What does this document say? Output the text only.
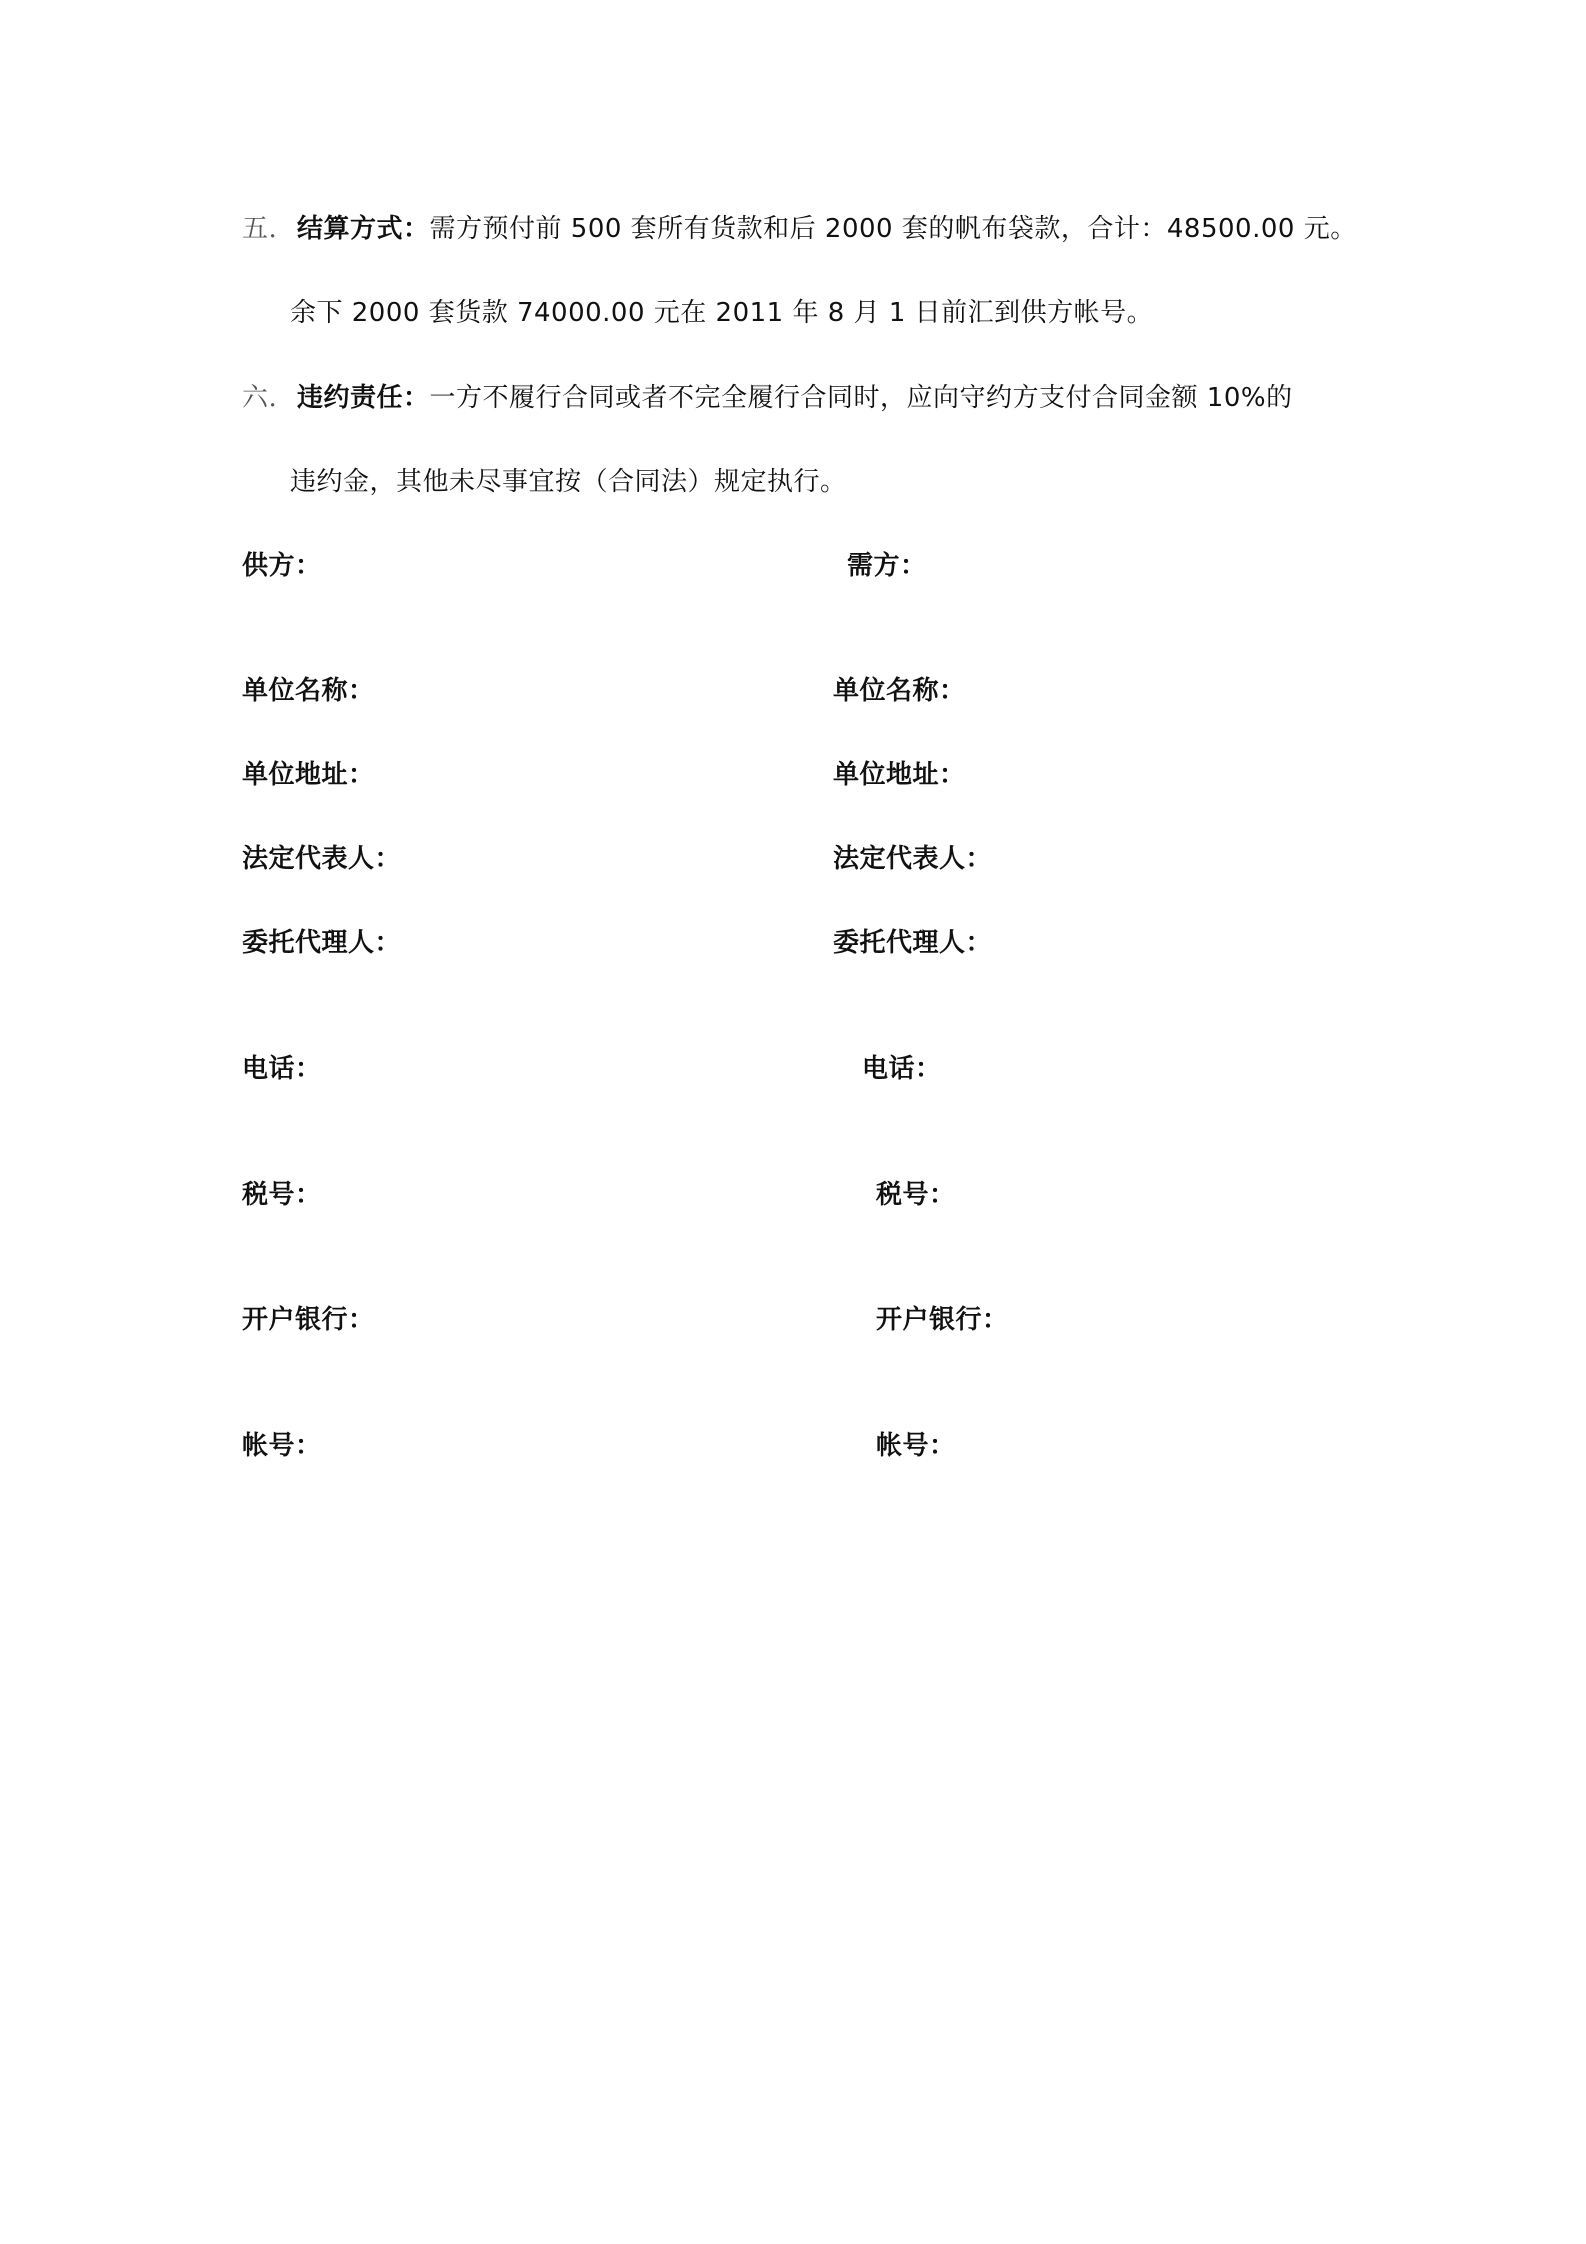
五. 结算方式：需方预付前 500 套所有货款和后 2000 套的帆布袋款，合计：48500.00 元。
余下 2000 套货款 74000.00 元在 2011 年 8 月 1 日前汇到供方帐号。
六. 违约责任：一方不履行合同或者不完全履行合同时，应向守约方支付合同金额 10%的
违约金，其他未尽事宜按（合同法）规定执行。
供方：
单位名称：
单位地址：
法定代表人：
委托代理人：
电话：
税号：
开户银行：
帐号：
需方：
单位名称：
单位地址：
法定代表人：
委托代理人：
电话：
税号：
开户银行：
帐号：
